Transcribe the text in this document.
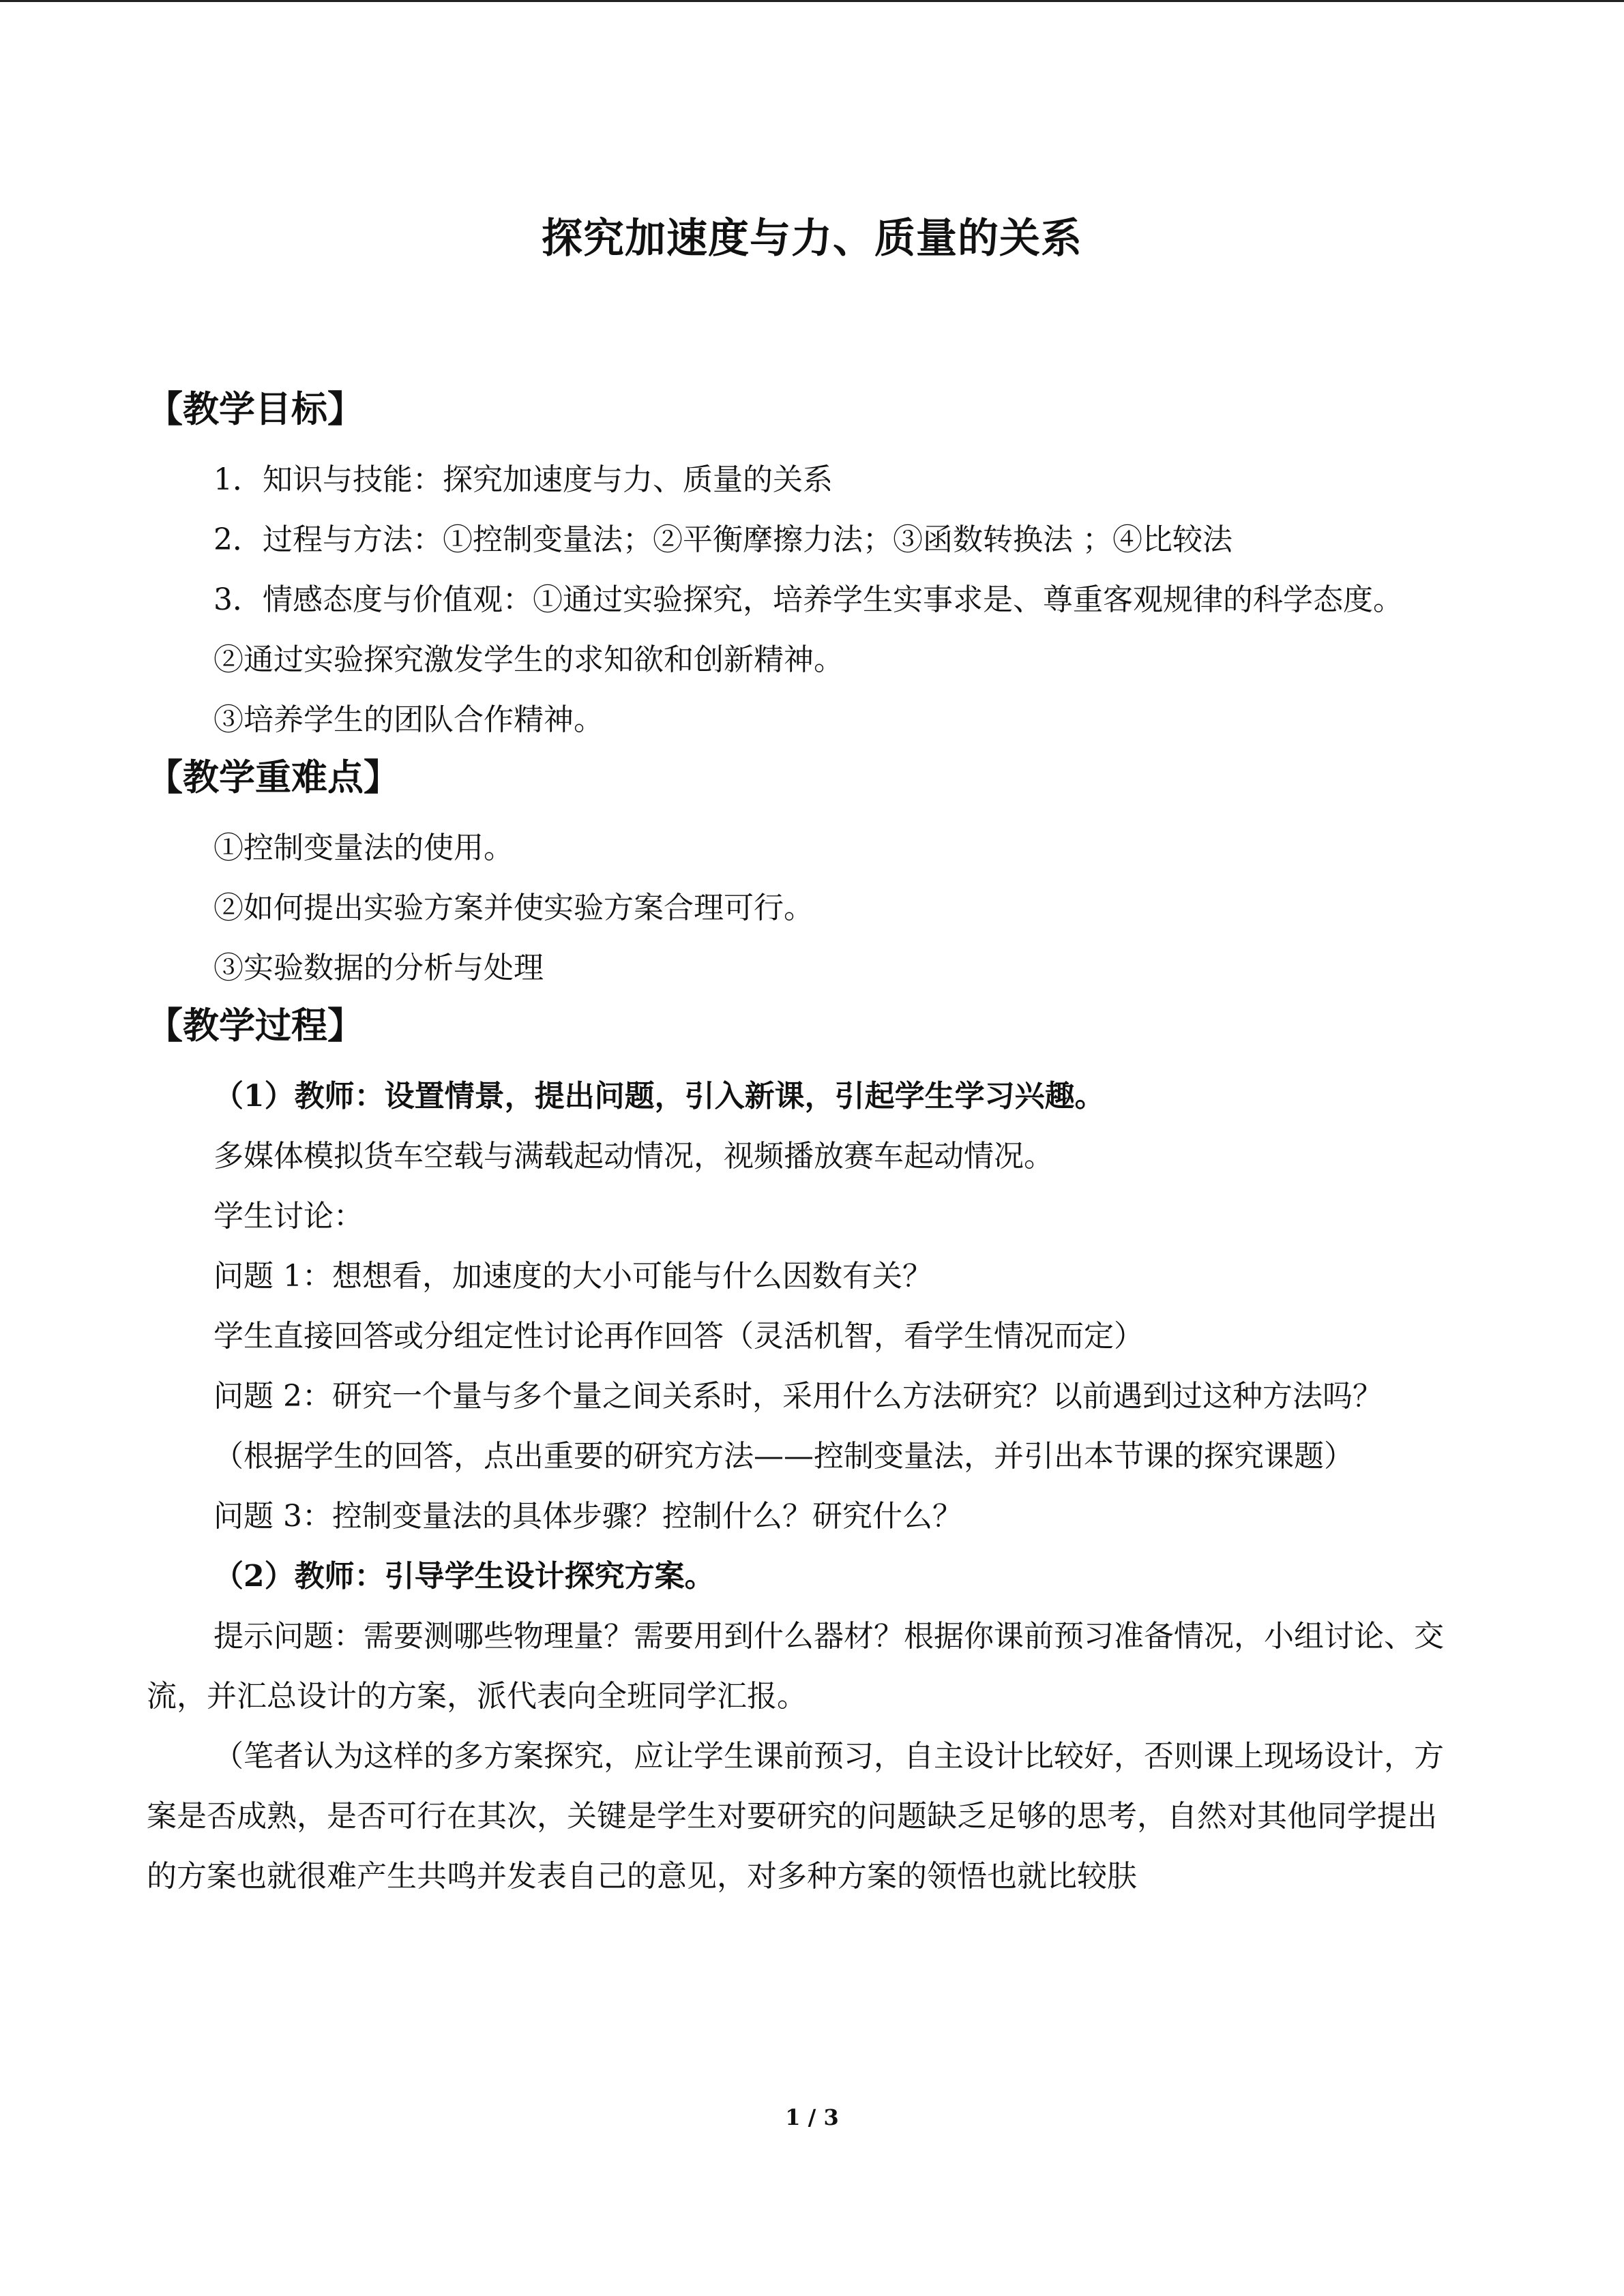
探究加速度与力、质量的关系
【教学目标】
1．知识与技能：探究加速度与力、质量的关系
2．过程与方法：①控制变量法；②平衡摩擦力法；③函数转换法 ；④比较法
3．情感态度与价值观：①通过实验探究，培养学生实事求是、尊重客观规律的科学态度。
②通过实验探究激发学生的求知欲和创新精神。
③培养学生的团队合作精神。
【教学重难点】
①控制变量法的使用。
②如何提出实验方案并使实验方案合理可行。
③实验数据的分析与处理
【教学过程】
（1）教师：设置情景，提出问题，引入新课，引起学生学习兴趣。
多媒体模拟货车空载与满载起动情况，视频播放赛车起动情况。
学生讨论：
问题 1：想想看，加速度的大小可能与什么因数有关？
学生直接回答或分组定性讨论再作回答（灵活机智，看学生情况而定）
问题 2：研究一个量与多个量之间关系时，采用什么方法研究？以前遇到过这种方法吗？
（根据学生的回答，点出重要的研究方法——控制变量法，并引出本节课的探究课题）
问题 3：控制变量法的具体步骤？控制什么？研究什么？
（2）教师：引导学生设计探究方案。
提示问题：需要测哪些物理量？需要用到什么器材？根据你课前预习准备情况，小组讨论、交流，并汇总设计的方案，派代表向全班同学汇报。
（笔者认为这样的多方案探究，应让学生课前预习，自主设计比较好，否则课上现场设计，方案是否成熟，是否可行在其次，关键是学生对要研究的问题缺乏足够的思考，自然对其他同学提出的方案也就很难产生共鸣并发表自己的意见，对多种方案的领悟也就比较肤
1 / 3
